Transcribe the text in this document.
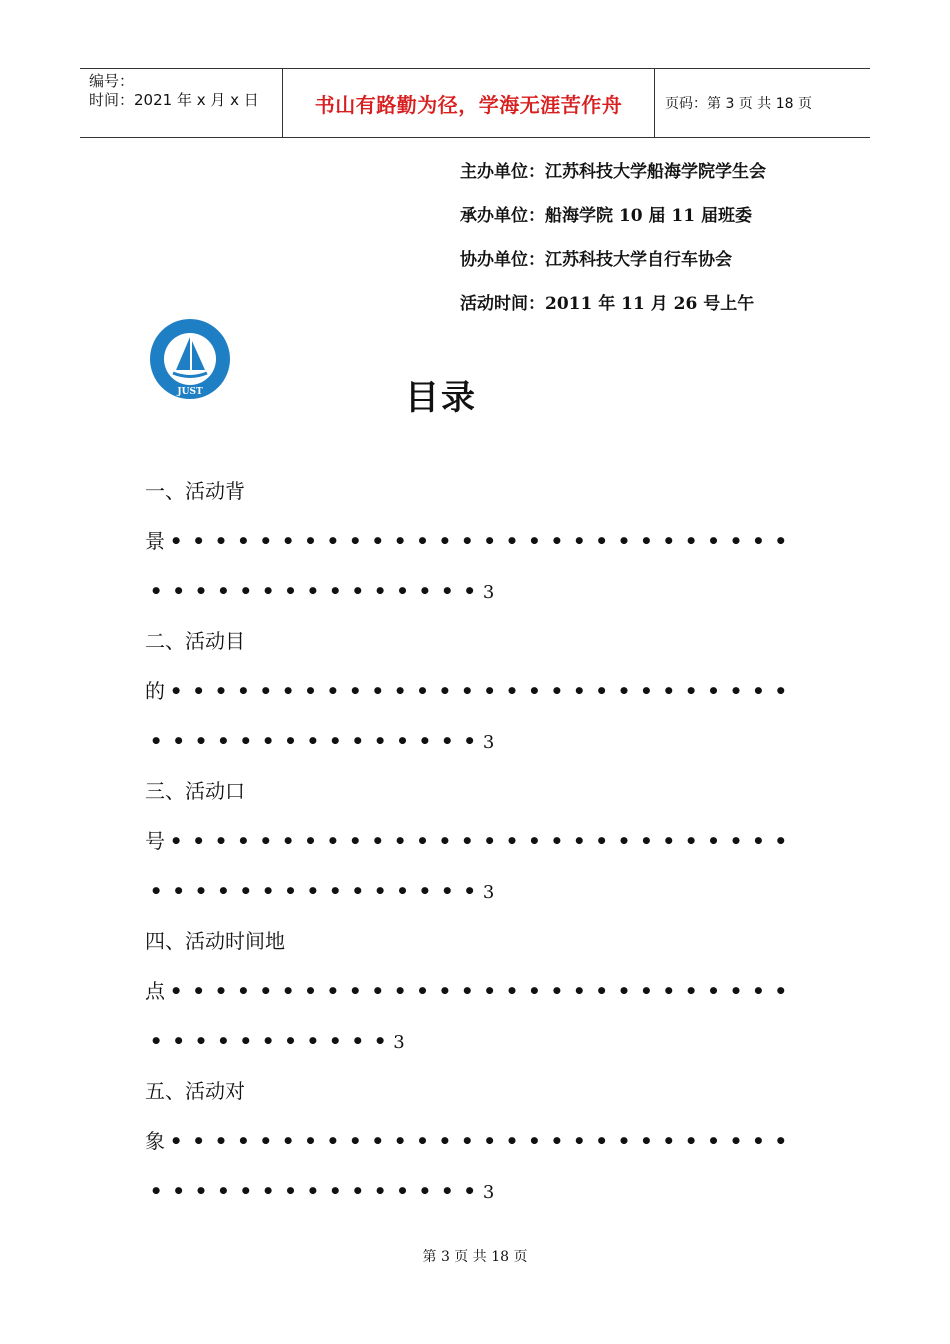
编号：
时间：2021 年 x 月 x 日	书山有路勤为径，学海无涯苦作舟	页码：第 3 页 共 18 页
主办单位：江苏科技大学船海学院学生会
承办单位：船海学院 10 届 11 届班委
协办单位：江苏科技大学自行车协会
活动时间：2011 年 11 月 26 号上午
JUST	目录
一、活动背
景 • • • • • • • • • • • • • • • • • • • • • • • • • • • •
• • • • • • • • • • • • • • • 3
二、活动目
的 • • • • • • • • • • • • • • • • • • • • • • • • • • • •
• • • • • • • • • • • • • • • 3
三、活动口
号 • • • • • • • • • • • • • • • • • • • • • • • • • • • •
• • • • • • • • • • • • • • • 3
四、活动时间地
点 • • • • • • • • • • • • • • • • • • • • • • • • • • • •
• • • • • • • • • • • 3
五、活动对
象 • • • • • • • • • • • • • • • • • • • • • • • • • • • •
• • • • • • • • • • • • • • • 3
第 3 页 共 18 页
